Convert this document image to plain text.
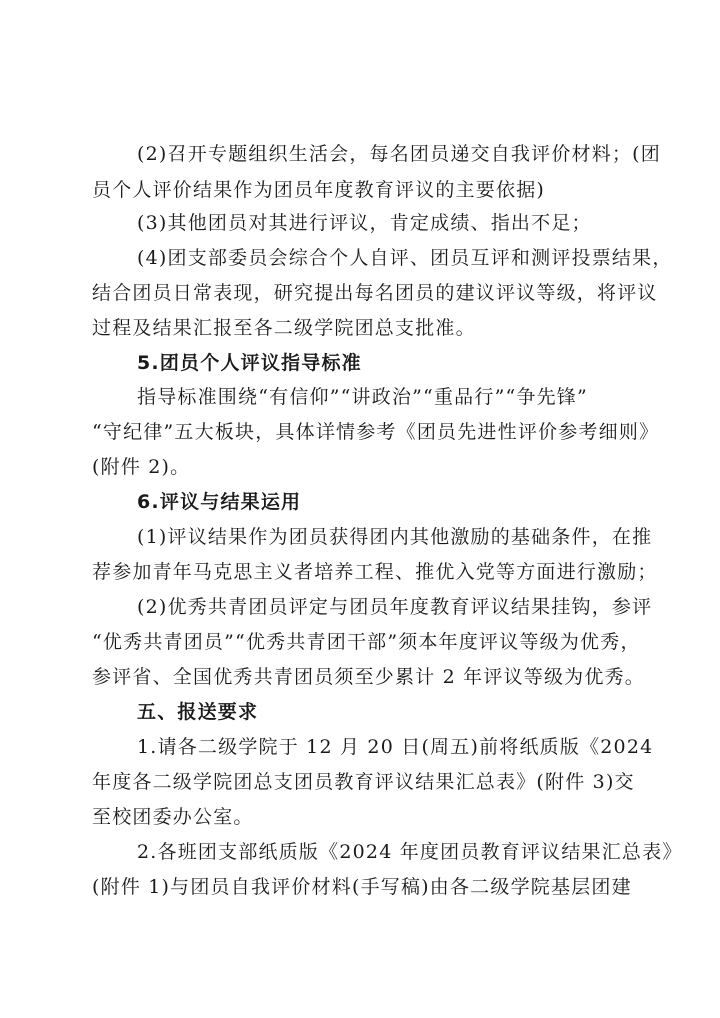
(2)召开专题组织生活会，每名团员递交自我评价材料；(团
员个人评价结果作为团员年度教育评议的主要依据)
(3)其他团员对其进行评议，肯定成绩、指出不足；
(4)团支部委员会综合个人自评、团员互评和测评投票结果，
结合团员日常表现，研究提出每名团员的建议评议等级，将评议
过程及结果汇报至各二级学院团总支批准。
5.团员个人评议指导标准
指导标准围绕“有信仰”“讲政治”“重品行”“争先锋”
“守纪律”五大板块，具体详情参考《团员先进性评价参考细则》
(附件 2)。
6.评议与结果运用
(1)评议结果作为团员获得团内其他激励的基础条件，在推
荐参加青年马克思主义者培养工程、推优入党等方面进行激励；
(2)优秀共青团员评定与团员年度教育评议结果挂钩，参评
“优秀共青团员”“优秀共青团干部”须本年度评议等级为优秀，
参评省、全国优秀共青团员须至少累计 2 年评议等级为优秀。
五、报送要求
1.请各二级学院于 12 月 20 日(周五)前将纸质版《2024
年度各二级学院团总支团员教育评议结果汇总表》(附件 3)交
至校团委办公室。
2.各班团支部纸质版《2024 年度团员教育评议结果汇总表》
(附件 1)与团员自我评价材料(手写稿)由各二级学院基层团建
